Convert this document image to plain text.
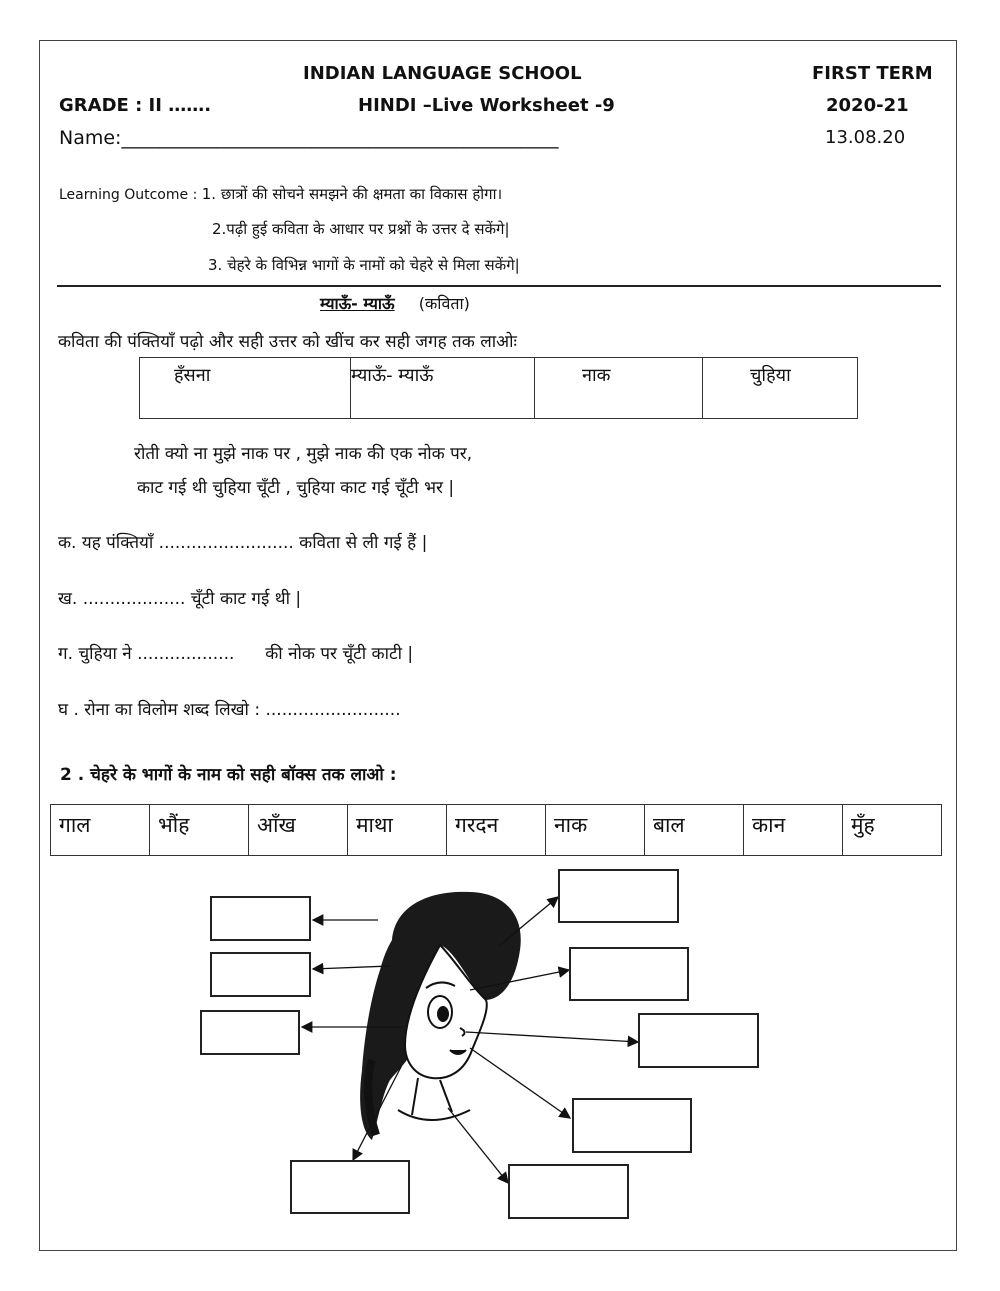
INDIAN LANGUAGE SCHOOL	FIRST TERM
GRADE : II …….	HINDI –Live Worksheet -9	2020-21
Name:______________________________________________	13.08.20
Learning Outcome : 1. छात्रों की सोचने समझने की क्षमता का विकास होगा।
2.पढ़ी हुई कविता के आधार पर प्रश्नों के उत्तर दे सकेंगे|
3. चेहरे के विभिन्न भागों के नामों को चेहरे से मिला सकेंगे|
म्याऊँ- म्याऊँ (कविता)
कविता की पंक्तियाँ पढ़ो और सही उत्तर को खींच कर सही जगह तक लाओः
हँसना	म्याऊँ- म्याऊँ	नाक	चुहिया
रोती क्यो ना मुझे नाक पर , मुझे नाक की एक नोक पर,
काट गई थी चुहिया चूँटी , चुहिया काट गई चूँटी भर |
क. यह पंक्तियाँ ......................... कविता से ली गई हैं |
ख. ................... चूँटी काट गई थी |
ग. चुहिया ने .................. की नोक पर चूँटी काटी |
घ . रोना का विलोम शब्द लिखो : .........................
2 . चेहरे के भागों के नाम को सही बॉक्स तक लाओ :
गाल	भौंह	आँख	माथा	गरदन	नाक	बाल	कान	मुँह
